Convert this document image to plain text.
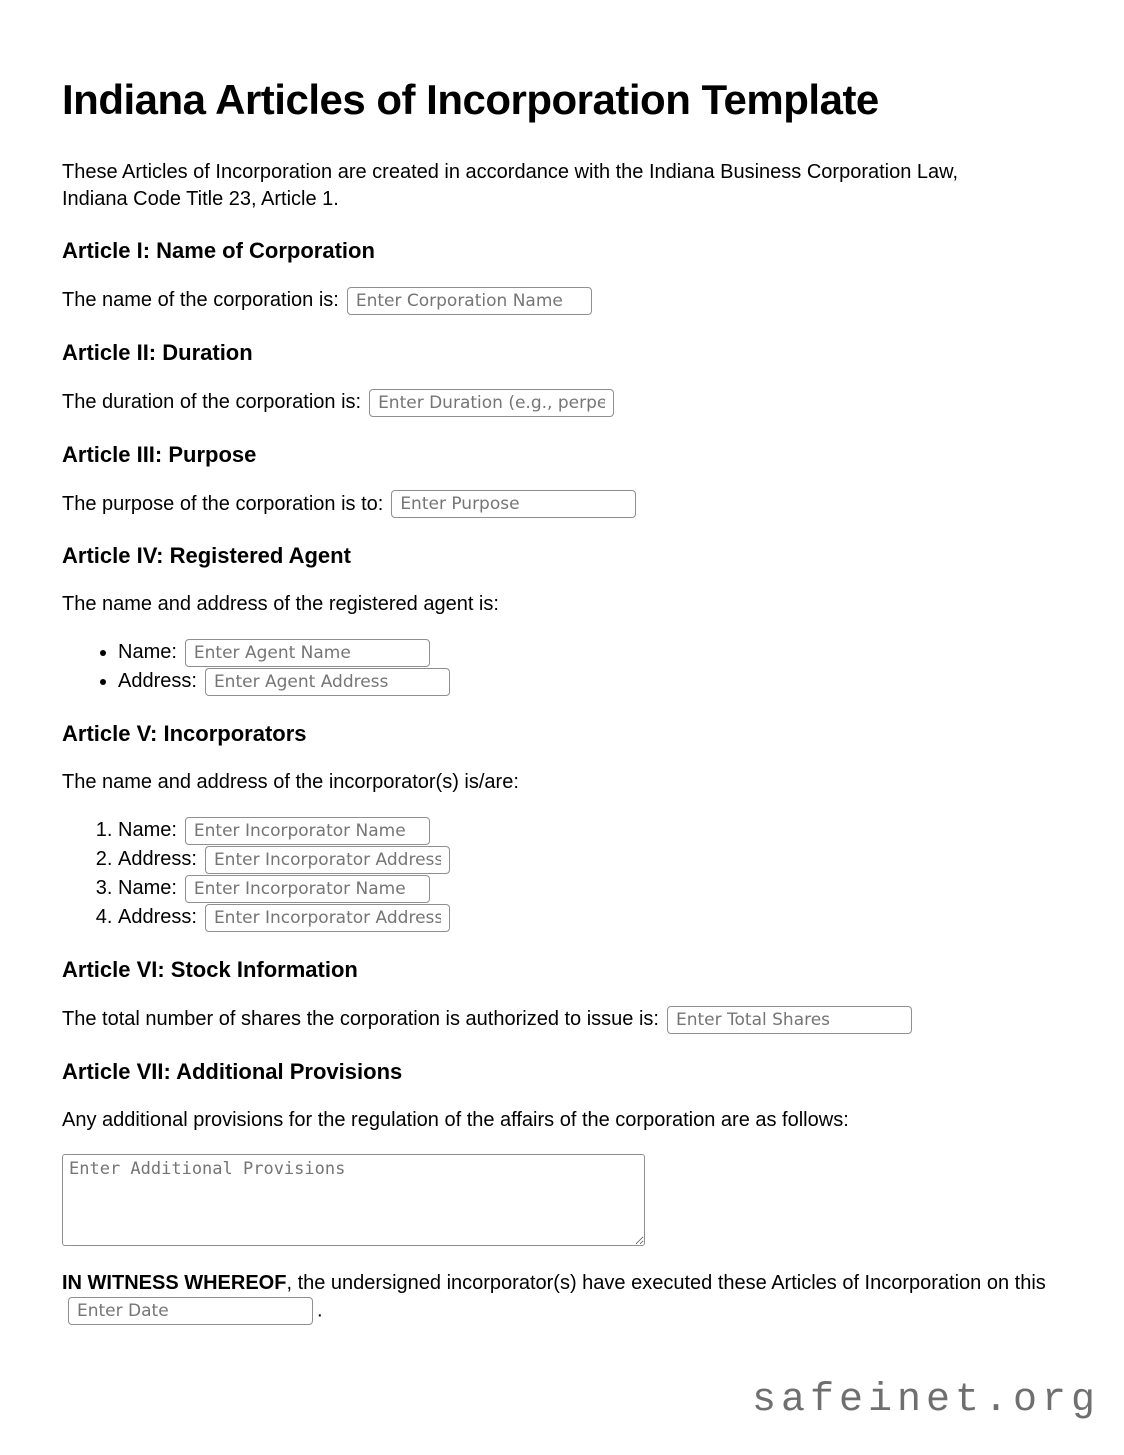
Indiana Articles of Incorporation Template

These Articles of Incorporation are created in accordance with the Indiana Business Corporation Law, Indiana Code Title 23, Article 1.

Article I: Name of Corporation

The name of the corporation is:Enter Corporation Name

Article II: Duration

The duration of the corporation is:Enter Duration (e.g., perpetual)

Article III: Purpose

The purpose of the corporation is to:Enter Purpose

Article IV: Registered Agent

The name and address of the registered agent is:

• Name:Enter Agent Name
• Address:Enter Agent Address
Article V: Incorporators

The name and address of the incorporator(s) is/are:

1. Name:Enter Incorporator Name
2. Address:Enter Incorporator Address
3. Name:Enter Incorporator Name
4. Address:Enter Incorporator Address
Article VI: Stock Information

The total number of shares the corporation is authorized to issue is:Enter Total Shares

Article VII: Additional Provisions

Any additional provisions for the regulation of the affairs of the corporation are as follows:

Enter Additional Provisions

IN WITNESS WHEREOF, the undersigned incorporator(s) have executed these Articles of Incorporation on thisEnter Date.

safeinet.org
